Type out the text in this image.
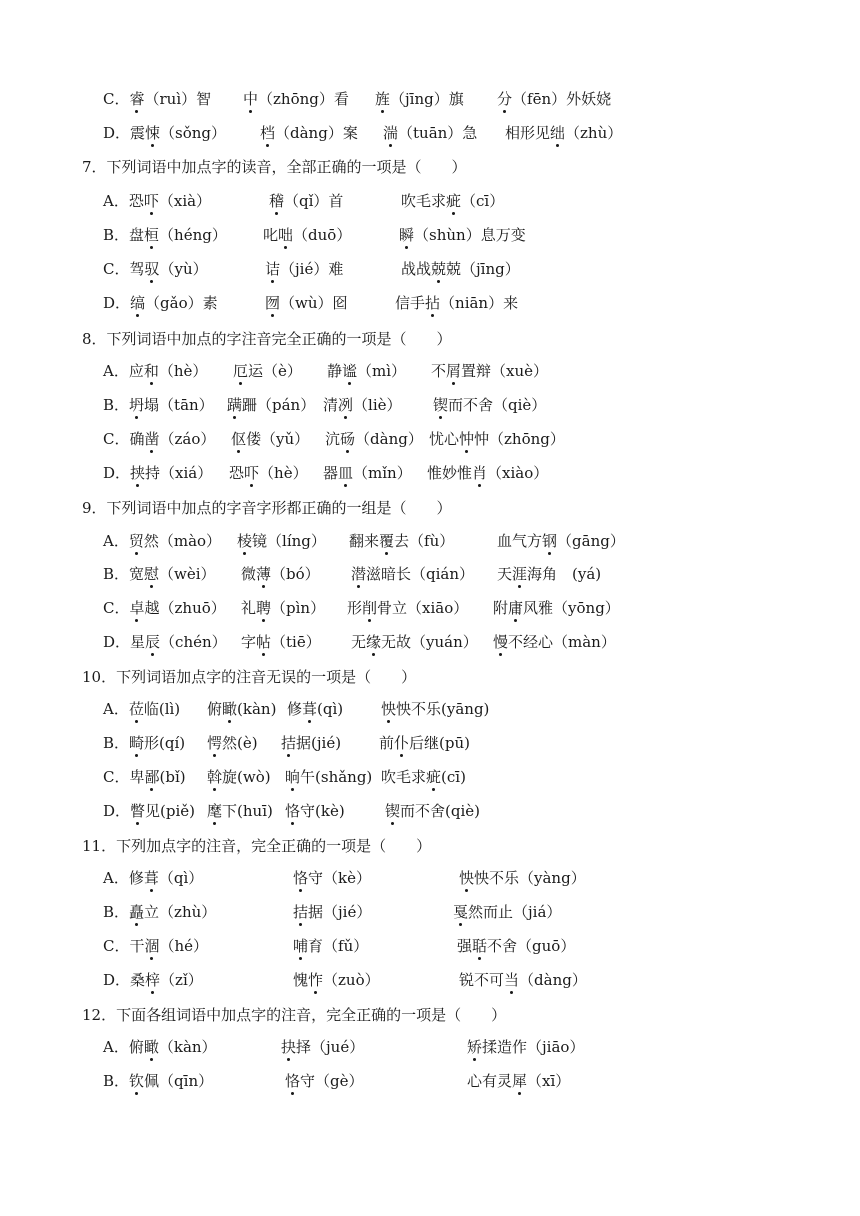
C．睿（ruì）智 中（zhōng）看 旌（jīng）旗 分（fēn）外妖娆
D．震悚（sǒng） 档（dàng）案 湍（tuān）急 相形见绌（zhù）
7．下列词语中加点字的读音，全部正确的一项是（　　）
A．恐吓（xià）	稽（qǐ）首	吹毛求疵（cī）
B．盘桓（héng） 叱咄（duō）	瞬（shùn）息万变
C．驾驭（yù）	诘（jié）难	战战兢兢（jīng）
D．缟（gǎo）素	囫（wù）囵	信手拈（niān）来
8．下列词语中加点的字注音完全正确的一项是（　　）
A．应和（hè） 厄运（è） 静谧（mì） 不屑置辩（xuè）
B．坍塌（tān） 蹒跚（pán） 清冽（liè） 锲而不舍（qiè）
C．确凿（záo） 伛偻（yǔ） 沆砀（dàng） 忧心忡忡（zhōng）
D．挟持（xiá） 恐吓（hè） 器皿（mǐn） 惟妙惟肖（xiào）
9．下列词语中加点的字音字形都正确的一组是（　　）
A．贸然（mào） 棱镜（líng） 翻来覆去（fù）	血气方钢（gāng）
B．宽慰（wèi） 微薄（bó） 潜滋暗长（qián） 天涯海角　(yá)
C．卓越（zhuō） 礼聘（pìn） 形削骨立（xiāo） 附庸风雅（yōng）
D．星辰（chén） 字帖（tiē） 无缘无故（yuán） 慢不经心（màn）
10．下列词语加点字的注音无误的一项是（　　）
A．莅临(lì) 俯瞰(kàn) 修葺(qì)	怏怏不乐(yāng)
B．畸形(qí) 愕然(è) 拮据(jié)	前仆后继(pū)
C．卑鄙(bǐ) 斡旋(wò) 晌午(shǎng) 吹毛求疵(cī)
D．瞥见(piě) 麾下(huī) 恪守(kè)	锲而不舍(qiè)
11．下列加点字的注音，完全正确的一项是（　　）
A．修葺（qì）	恪守（kè）	怏怏不乐（yàng）
B．矗立（zhù）	拮据（jié）	戛然而止（jiá）
C．干涸（hé）	哺育（fǔ）	强聒不舍（guō）
D．桑梓（zǐ）	愧怍（zuò）	锐不可当（dàng）
12．下面各组词语中加点字的注音，完全正确的一项是（　　）
A．俯瞰（kàn）	抉择（jué）	矫揉造作（jiāo）
B．钦佩（qīn）	恪守（gè）	心有灵犀（xī）
